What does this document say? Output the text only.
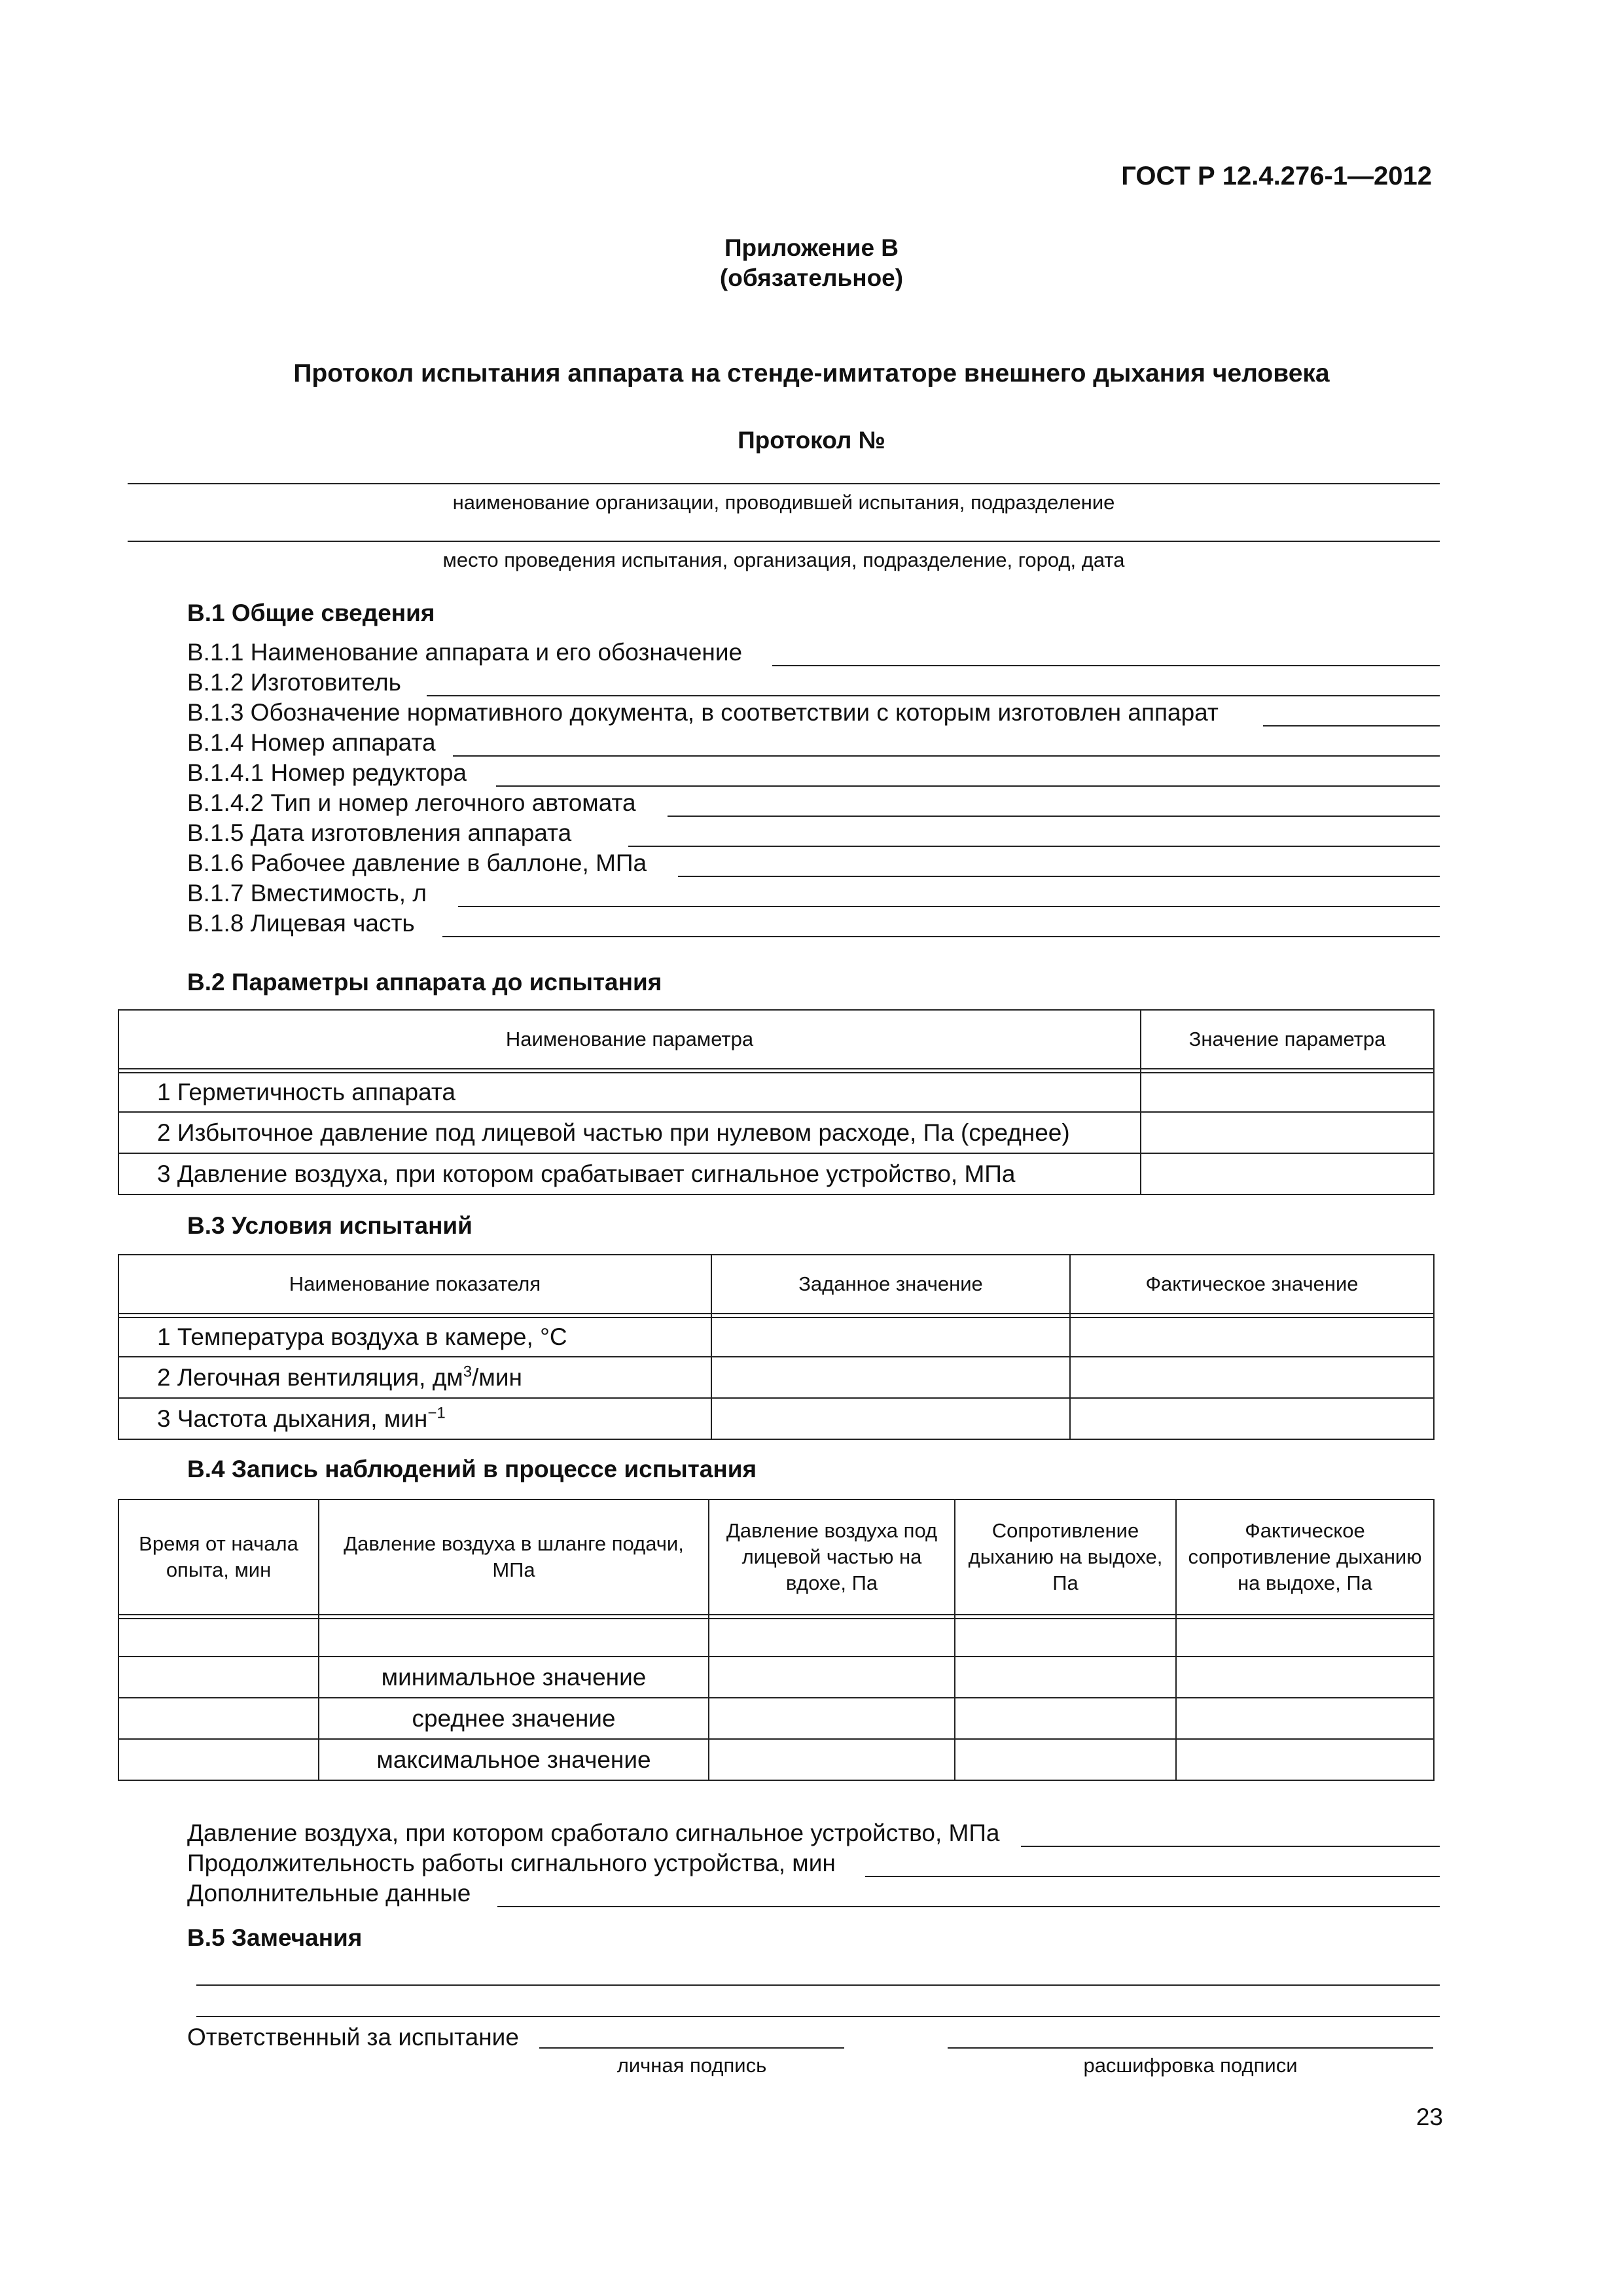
ГОСТ Р 12.4.276-1—2012
Приложение В
(обязательное)
Протокол испытания аппарата на стенде-имитаторе внешнего дыхания человека
Протокол №
наименование организации, проводившей испытания, подразделение
место проведения испытания, организация, подразделение, город, дата
В.1 Общие сведения
В.1.1 Наименование аппарата и его обозначение
В.1.2 Изготовитель
В.1.3 Обозначение нормативного документа, в соответствии с которым изготовлен аппарат
В.1.4 Номер аппарата
В.1.4.1 Номер редуктора
В.1.4.2 Тип и номер легочного автомата
В.1.5 Дата изготовления аппарата
В.1.6 Рабочее давление в баллоне, МПа
В.1.7 Вместимость, л
В.1.8 Лицевая часть
В.2 Параметры аппарата до испытания
Наименование параметра	Значение параметра

1 Герметичность аппарата	
2 Избыточное давление под лицевой частью при нулевом расходе, Па (среднее)	
3 Давление воздуха, при котором срабатывает сигнальное устройство, МПа	
В.3 Условия испытаний
Наименование показателя	Заданное значение	Фактическое значение

1 Температура воздуха в камере, °C		
2 Легочная вентиляция, $дм^3$/мин		
3 Частота дыхания, мин$^{-1}$		
В.4 Запись наблюдений в процессе испытания
Время от начала опыта, мин	Давление воздуха в шланге подачи, МПа	Давление воздуха под лицевой частью на вдохе, Па	Сопротивление дыханию на выдохе, Па	Фактическое сопротивление дыханию на выдохе, Па

	минимальное значение			
	среднее значение			
	максимальное значение			
Давление воздуха, при котором сработало сигнальное устройство, МПа
Продолжительность работы сигнального устройства, мин
Дополнительные данные
В.5 Замечания
Ответственный за испытание
личная подпись	расшифровка подписи
23
